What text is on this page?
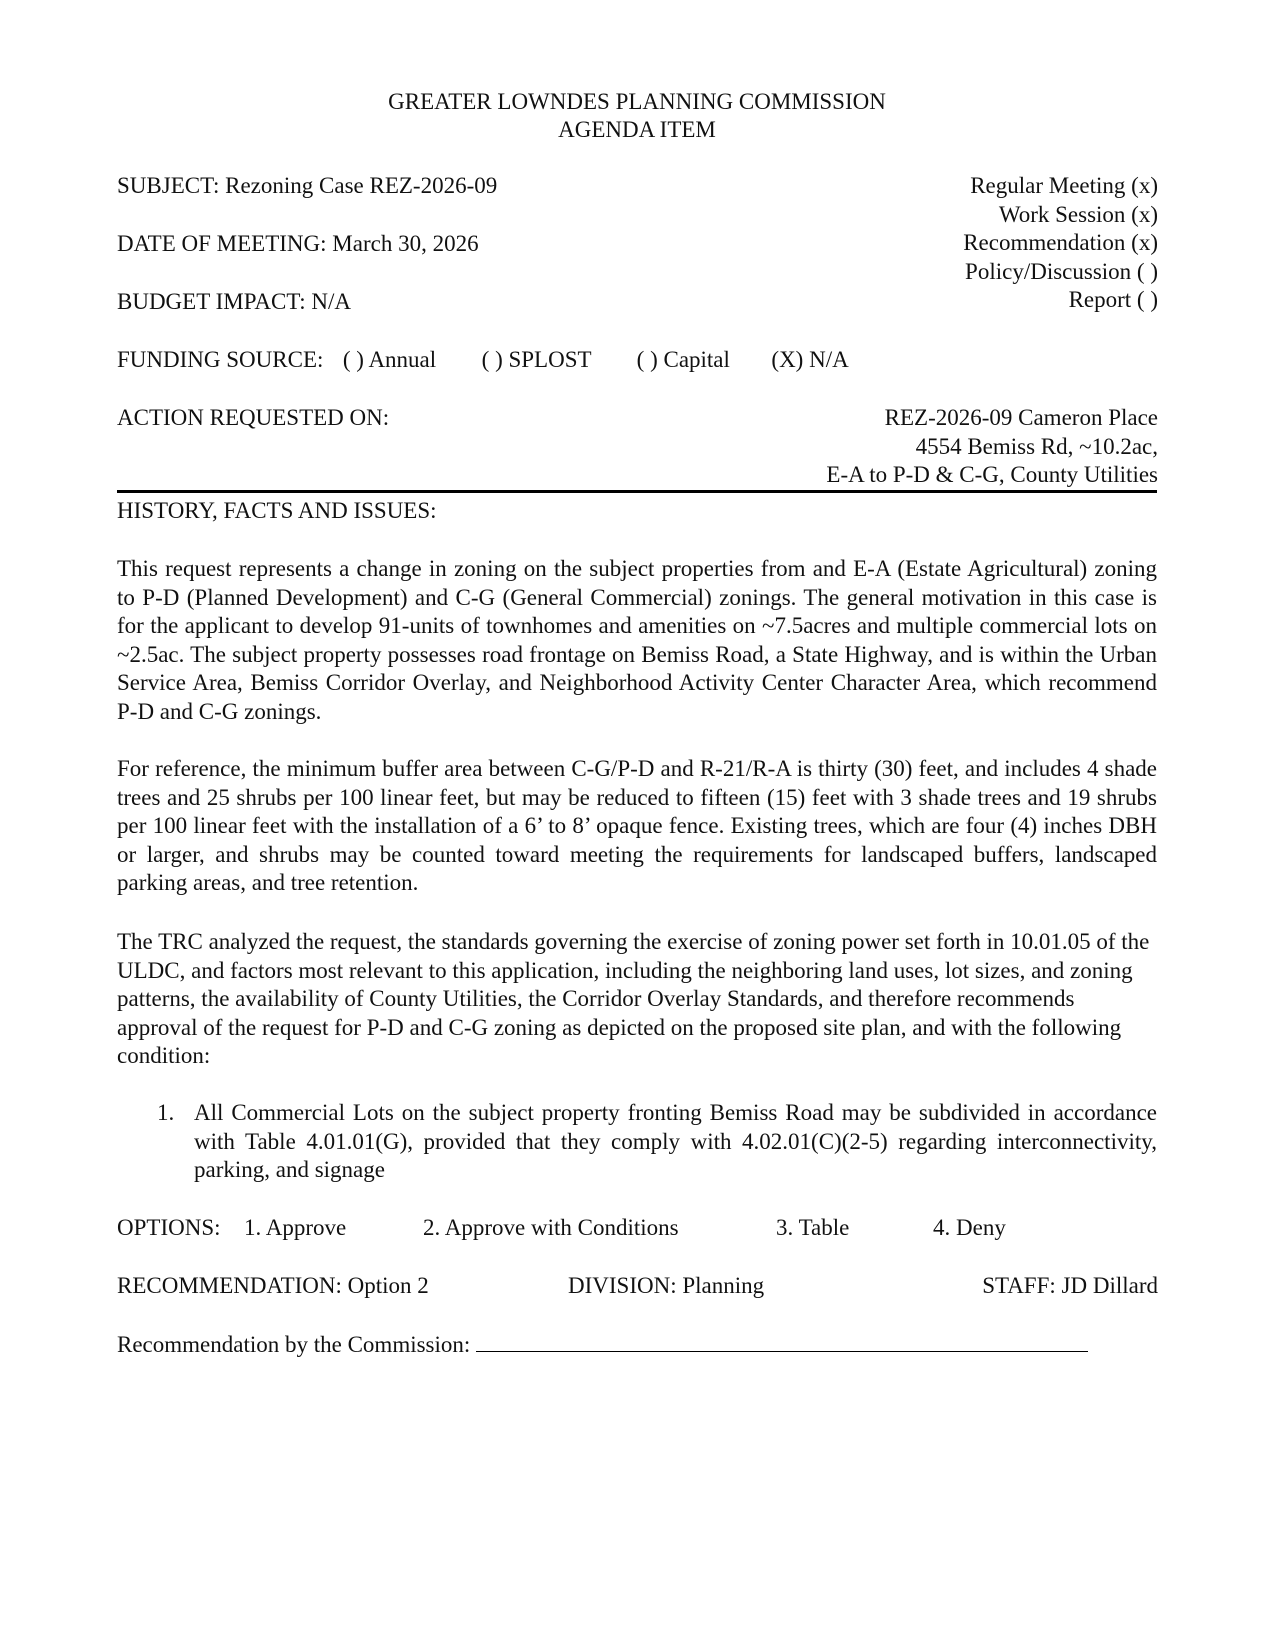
GREATER LOWNDES PLANNING COMMISSION
AGENDA ITEM
SUBJECT: Rezoning Case REZ-2026-09
DATE OF MEETING: March 30, 2026
BUDGET IMPACT: N/A
Regular Meeting (x)
Work Session (x)
Recommendation (x)
Policy/Discussion ( )
Report ( )
FUNDING SOURCE: ( ) Annual ( ) SPLOST ( ) Capital (X) N/A
ACTION REQUESTED ON:	REZ-2026-09 Cameron Place
4554 Bemiss Rd, ~10.2ac,
E-A to P-D & C-G, County Utilities
HISTORY, FACTS AND ISSUES:
This request represents a change in zoning on the subject properties from and E-A (Estate Agricultural) zoning to P-D (Planned Development) and C-G (General Commercial) zonings. The general motivation in this case is for the applicant to develop 91-units of townhomes and amenities on ~7.5acres and multiple commercial lots on ~2.5ac. The subject property possesses road frontage on Bemiss Road, a State Highway, and is within the Urban Service Area, Bemiss Corridor Overlay, and Neighborhood Activity Center Character Area, which recommend P-D and C-G zonings.
For reference, the minimum buffer area between C-G/P-D and R-21/R-A is thirty (30) feet, and includes 4 shade trees and 25 shrubs per 100 linear feet, but may be reduced to fifteen (15) feet with 3 shade trees and 19 shrubs per 100 linear feet with the installation of a 6’ to 8’ opaque fence. Existing trees, which are four (4) inches DBH or larger, and shrubs may be counted toward meeting the requirements for landscaped buffers, landscaped parking areas, and tree retention.
The TRC analyzed the request, the standards governing the exercise of zoning power set forth in 10.01.05 of the ULDC, and factors most relevant to this application, including the neighboring land uses, lot sizes, and zoning patterns, the availability of County Utilities, the Corridor Overlay Standards, and therefore recommends approval of the request for P-D and C-G zoning as depicted on the proposed site plan, and with the following condition:
1. All Commercial Lots on the subject property fronting Bemiss Road may be subdivided in accordance with Table 4.01.01(G), provided that they comply with 4.02.01(C)(2-5) regarding interconnectivity, parking, and signage
OPTIONS: 1. Approve	2. Approve with Conditions	3. Table	4. Deny
RECOMMENDATION: Option 2	DIVISION: Planning	STAFF: JD Dillard
Recommendation by the Commission:
